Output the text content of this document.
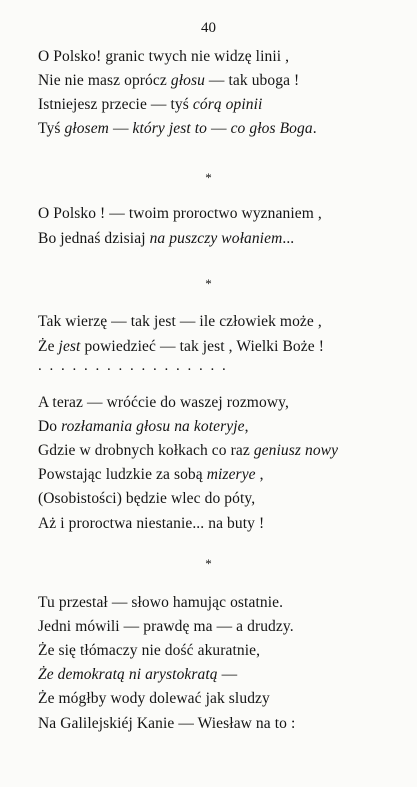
40
O Polsko! granic twych nie widzę linii ,
Nie nie masz oprócz głosu — tak uboga !
Istniejesz przecie — tyś córą opinii
Tyś głosem — który jest to — co głos Boga.
*
O Polsko ! — twoim proroctwo wyznaniem ,
Bo jednaś dzisiaj na puszczy wołaniem...
*
Tak wierzę — tak jest — ile człowiek może ,
Że jest powiedzieć — tak jest , Wielki Boże !
. . . . . . . . . . . . . . . . .
A teraz — wróćcie do waszej rozmowy,
Do rozłamania głosu na koteryje,
Gdzie w drobnych kołkach co raz geniusz nowy
Powstając ludzkie za sobą mizerye ,
(Osobistości) będzie wlec do póty,
Aż i proroctwa niestanie... na buty !
*
Tu przestał — słowo hamując ostatnie.
Jedni mówili — prawdę ma — a drudzy.
Że się tłómaczy nie dość akuratnie,
Że demokratą ni arystokratą —
Że mógłby wody dolewać jak sludzy
Na Galilejskiéj Kanie — Wiesław na to :
